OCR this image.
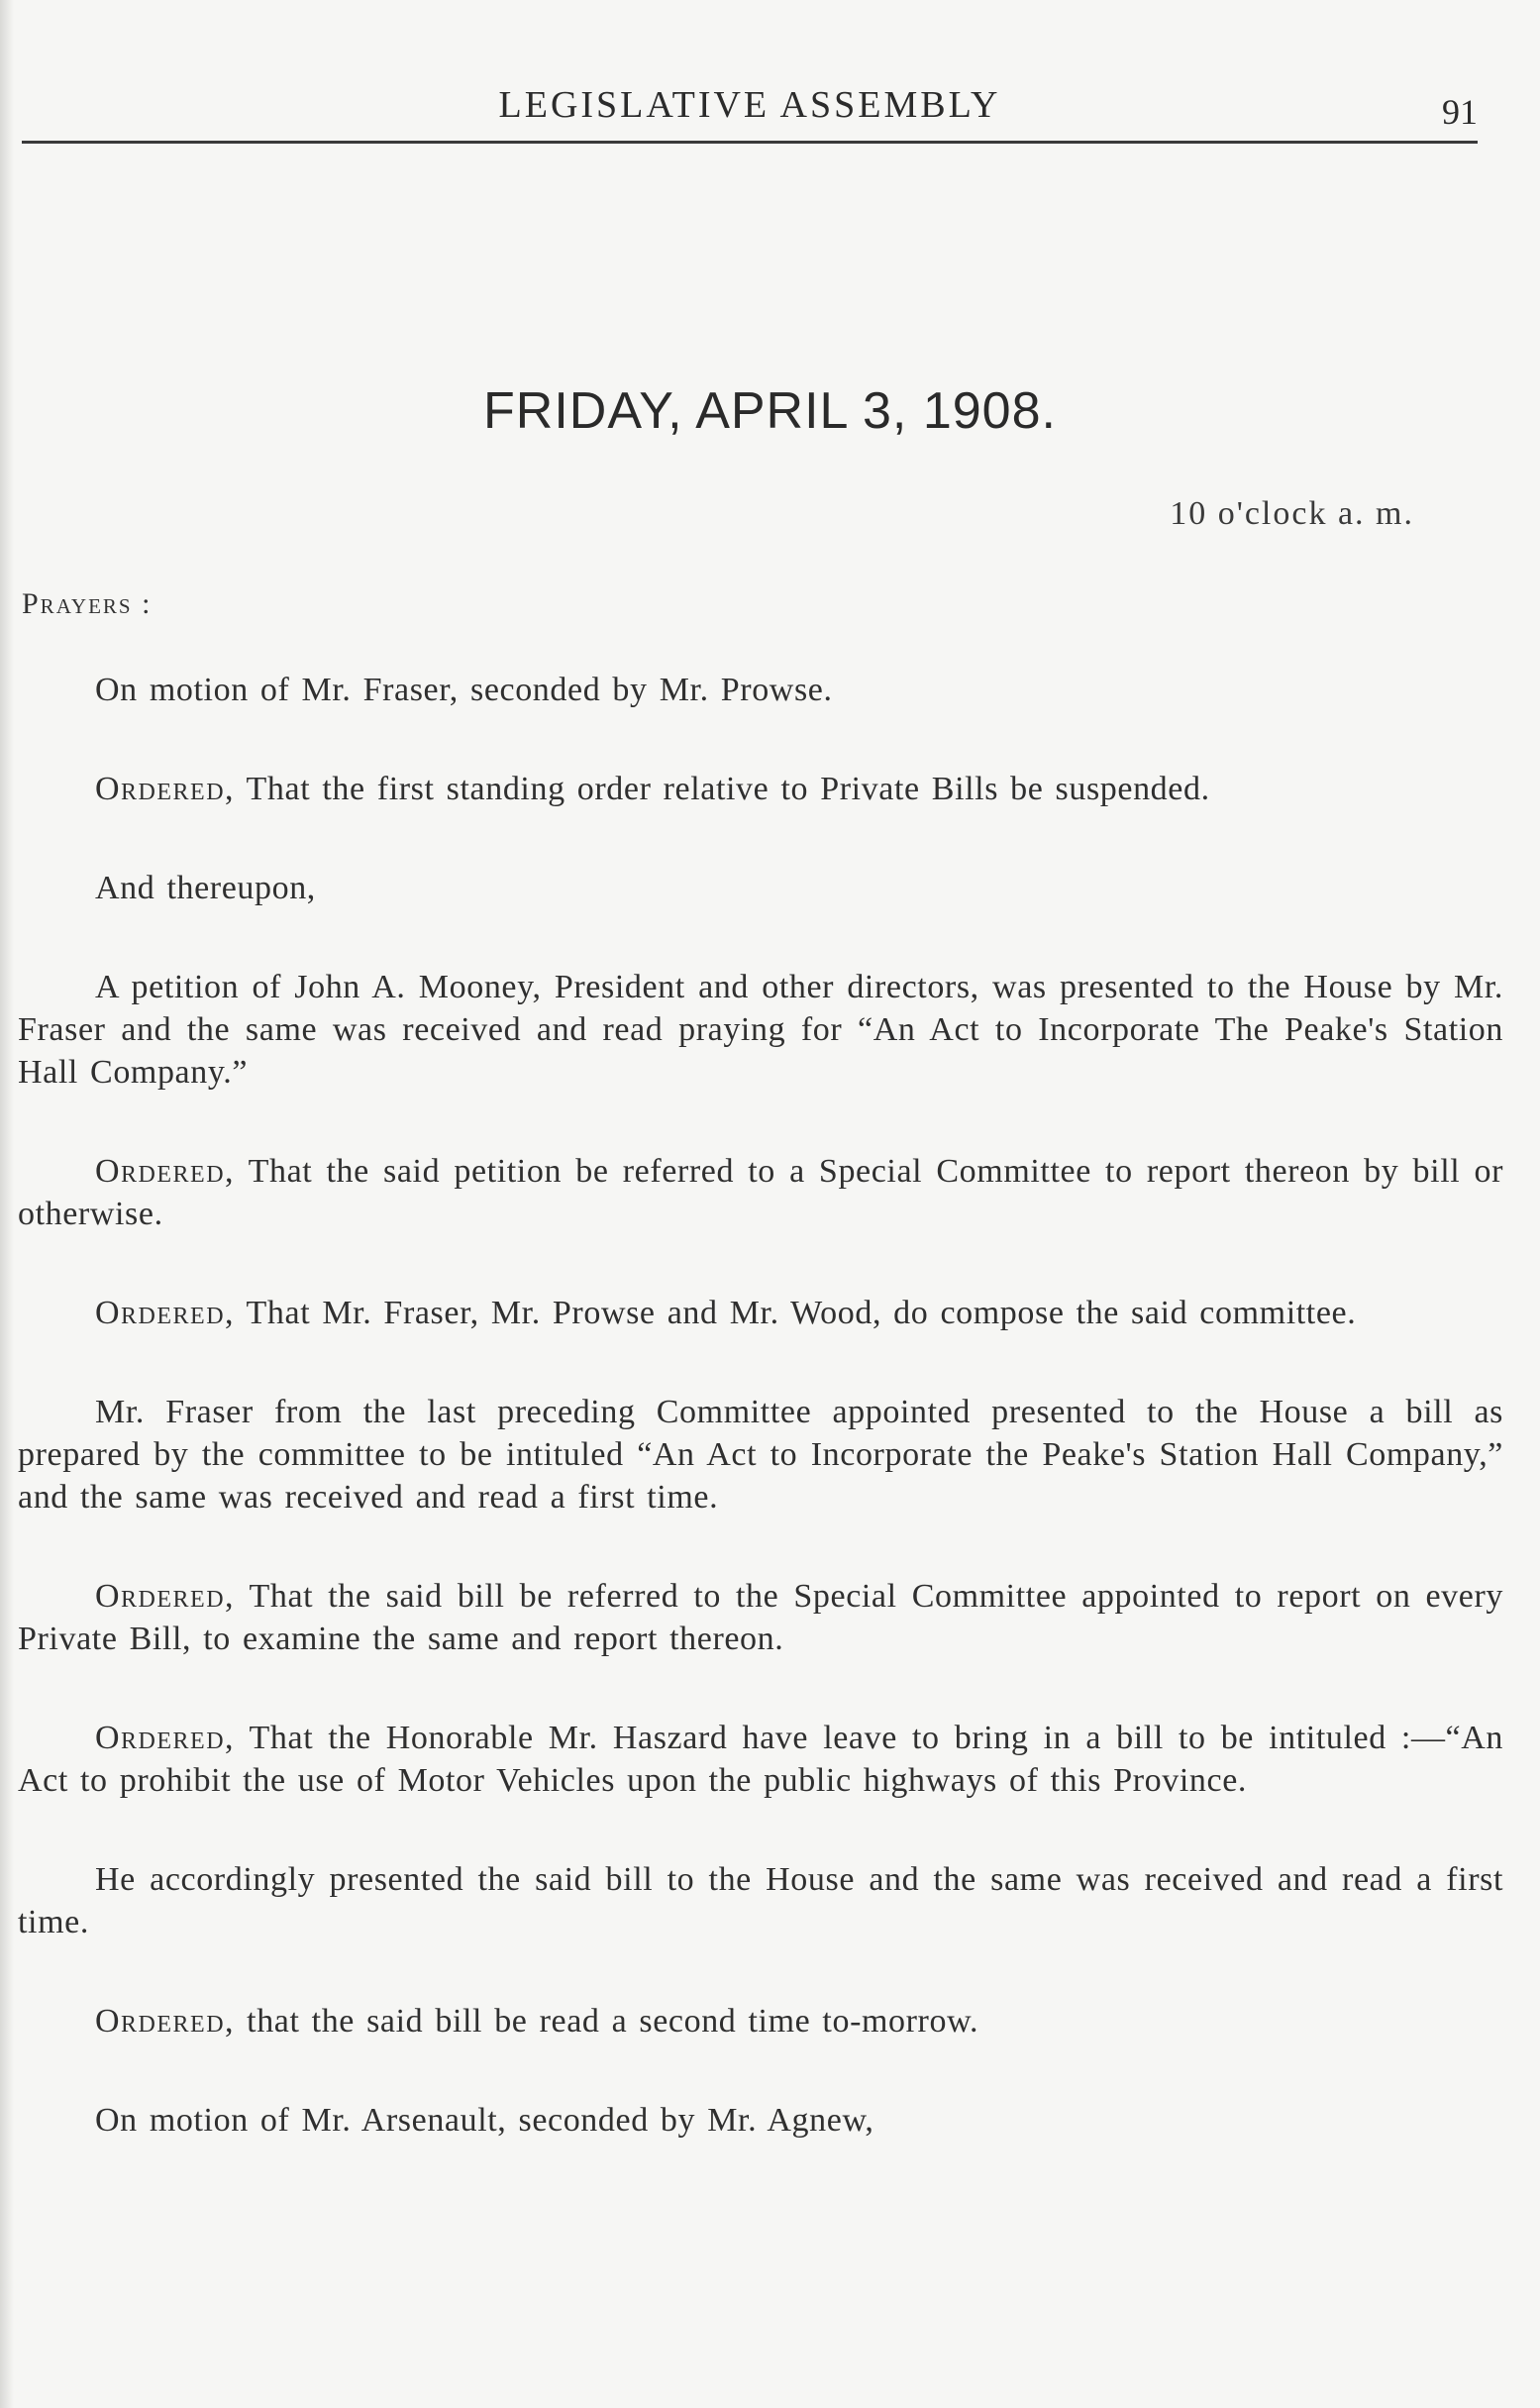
LEGISLATIVE ASSEMBLY	91
FRIDAY, APRIL 3, 1908.
10 o'clock a. m.
Prayers :

On motion of Mr. Fraser, seconded by Mr. Prowse.

Ordered, That the first standing order relative to Private Bills be suspended.

And thereupon,

A petition of John A. Mooney, President and other directors, was presented to the House by Mr. Fraser and the same was received and read praying for “An Act to Incorporate The Peake's Station Hall Company.”

Ordered, That the said petition be referred to a Special Committee to report thereon by bill or otherwise.

Ordered, That Mr. Fraser, Mr. Prowse and Mr. Wood, do compose the said committee.

Mr. Fraser from the last preceding Committee appointed presented to the House a bill as prepared by the committee to be intituled “An Act to Incorporate the Peake's Station Hall Company,” and the same was received and read a first time.

Ordered, That the said bill be referred to the Special Committee appointed to report on every Private Bill, to examine the same and report thereon.

Ordered, That the Honorable Mr. Haszard have leave to bring in a bill to be intituled :—“An Act to prohibit the use of Motor Vehicles upon the public highways of this Province.

He accordingly presented the said bill to the House and the same was received and read a first time.

Ordered, that the said bill be read a second time to-morrow.

On motion of Mr. Arsenault, seconded by Mr. Agnew,
